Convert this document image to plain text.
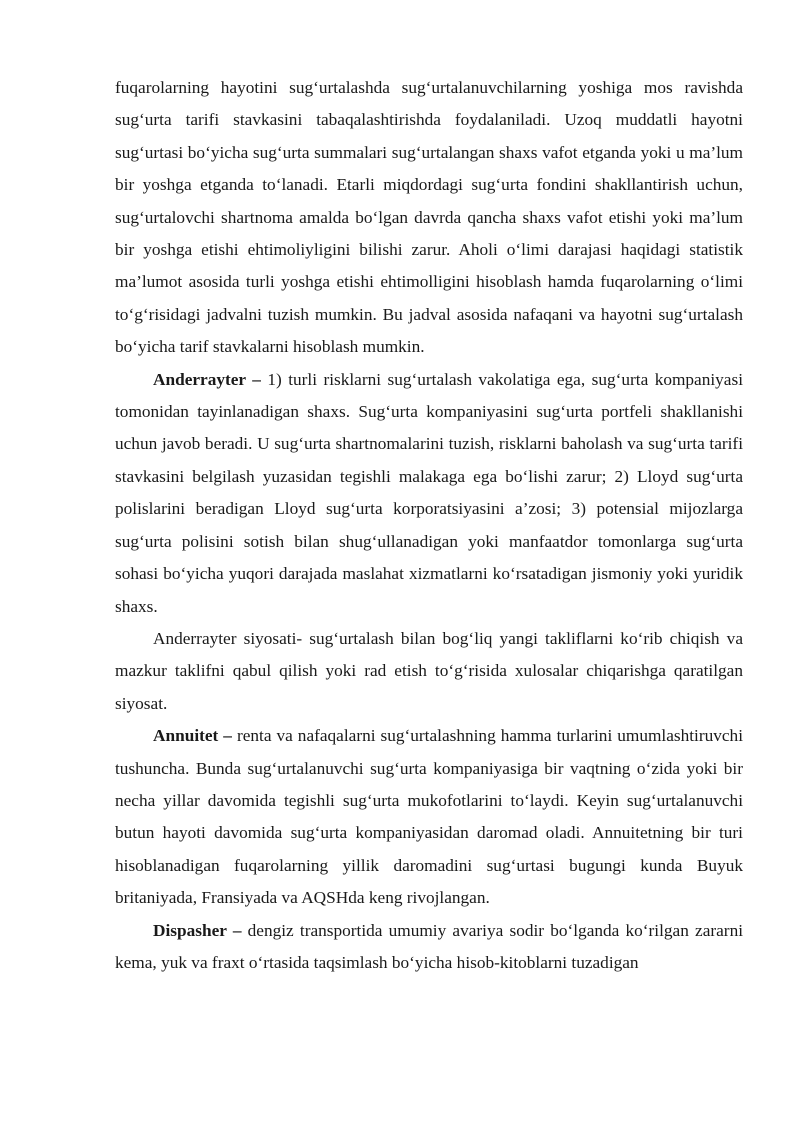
fuqarolarning hayotini sug‘urtalashda sug‘urtalanuvchilarning yoshiga mos ravishda sug‘urta tarifi stavkasini tabaqalashtirishda foydalaniladi. Uzoq muddatli hayotni sug‘urtasi bo‘yicha sug‘urta summalari sug‘urtalangan shaxs vafot etganda yoki u ma’lum bir yoshga etganda to‘lanadi. Etarli miqdordagi sug‘urta fondini shakllantirish uchun, sug‘urtalovchi shartnoma amalda bo‘lgan davrda qancha shaxs vafot etishi yoki ma’lum bir yoshga etishi ehtimoliyligini bilishi zarur. Aholi o‘limi darajasi haqidagi statistik ma’lumot asosida turli yoshga etishi ehtimolligini hisoblash hamda fuqarolarning o‘limi to‘g‘risidagi jadvalni tuzish mumkin. Bu jadval asosida nafaqani va hayotni sug‘urtalash bo‘yicha tarif stavkalarni hisoblash mumkin.

Anderrayter – 1) turli risklarni sug‘urtalash vakolatiga ega, sug‘urta kompaniyasi tomonidan tayinlanadigan shaxs. Sug‘urta kompaniyasini sug‘urta portfeli shakllanishi uchun javob beradi. U sug‘urta shartnomalarini tuzish, risklarni baholash va sug‘urta tarifi stavkasini belgilash yuzasidan tegishli malakaga ega bo‘lishi zarur; 2) Lloyd sug‘urta polislarini beradigan Lloyd sug‘urta korporatsiyasini a’zosi; 3) potensial mijozlarga sug‘urta polisini sotish bilan shug‘ullanadigan yoki manfaatdor tomonlarga sug‘urta sohasi bo‘yicha yuqori darajada maslahat xizmatlarni ko‘rsatadigan jismoniy yoki yuridik shaxs.

Anderrayter siyosati- sug‘urtalash bilan bog‘liq yangi takliflarni ko‘rib chiqish va mazkur taklifni qabul qilish yoki rad etish to‘g‘risida xulosalar chiqarishga qaratilgan siyosat.

Annuitet – renta va nafaqalarni sug‘urtalashning hamma turlarini umumlashtiruvchi tushuncha. Bunda sug‘urtalanuvchi sug‘urta kompaniyasiga bir vaqtning o‘zida yoki bir necha yillar davomida tegishli sug‘urta mukofotlarini to‘laydi. Keyin sug‘urtalanuvchi butun hayoti davomida sug‘urta kompaniyasidan daromad oladi. Annuitetning bir turi hisoblanadigan fuqarolarning yillik daromadini sug‘urtasi bugungi kunda Buyuk britaniyada, Fransiyada va AQSHda keng rivojlangan.

Dispasher – dengiz transportida umumiy avariya sodir bo‘lganda ko‘rilgan zararni kema, yuk va fraxt o‘rtasida taqsimlash bo‘yicha hisob-kitoblarni tuzadigan
